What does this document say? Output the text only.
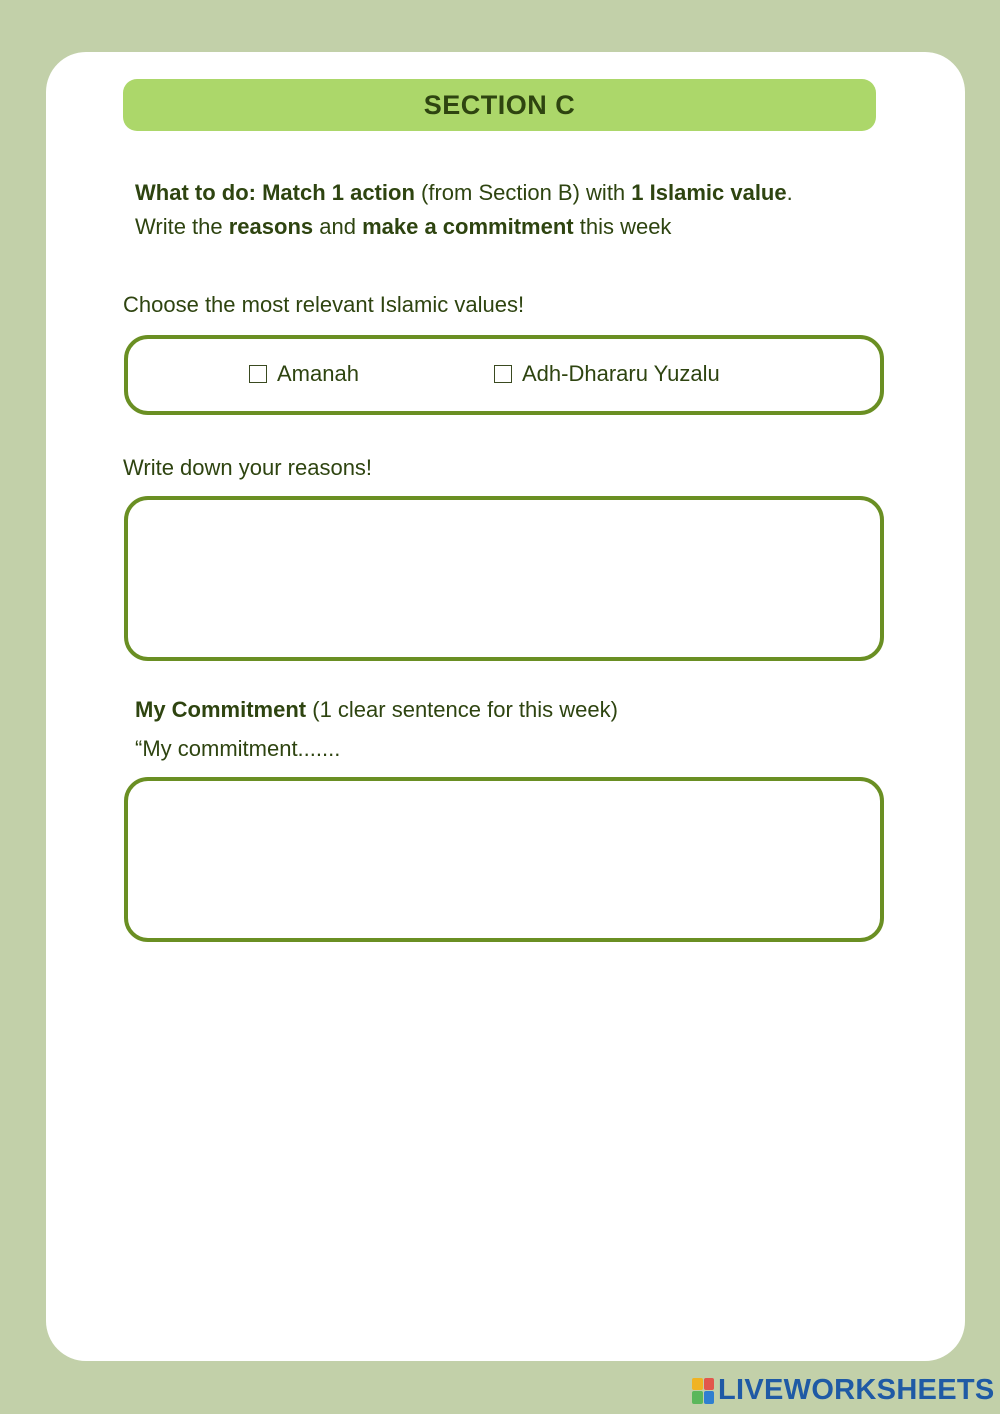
SECTION C
What to do: Match 1 action (from Section B) with 1 Islamic value.
Write the reasons and make a commitment this week
Choose the most relevant Islamic values!
Amanah	Adh-Dhararu Yuzalu
Write down your reasons!
My Commitment (1 clear sentence for this week)
“My commitment.......
LIVEWORKSHEETS
